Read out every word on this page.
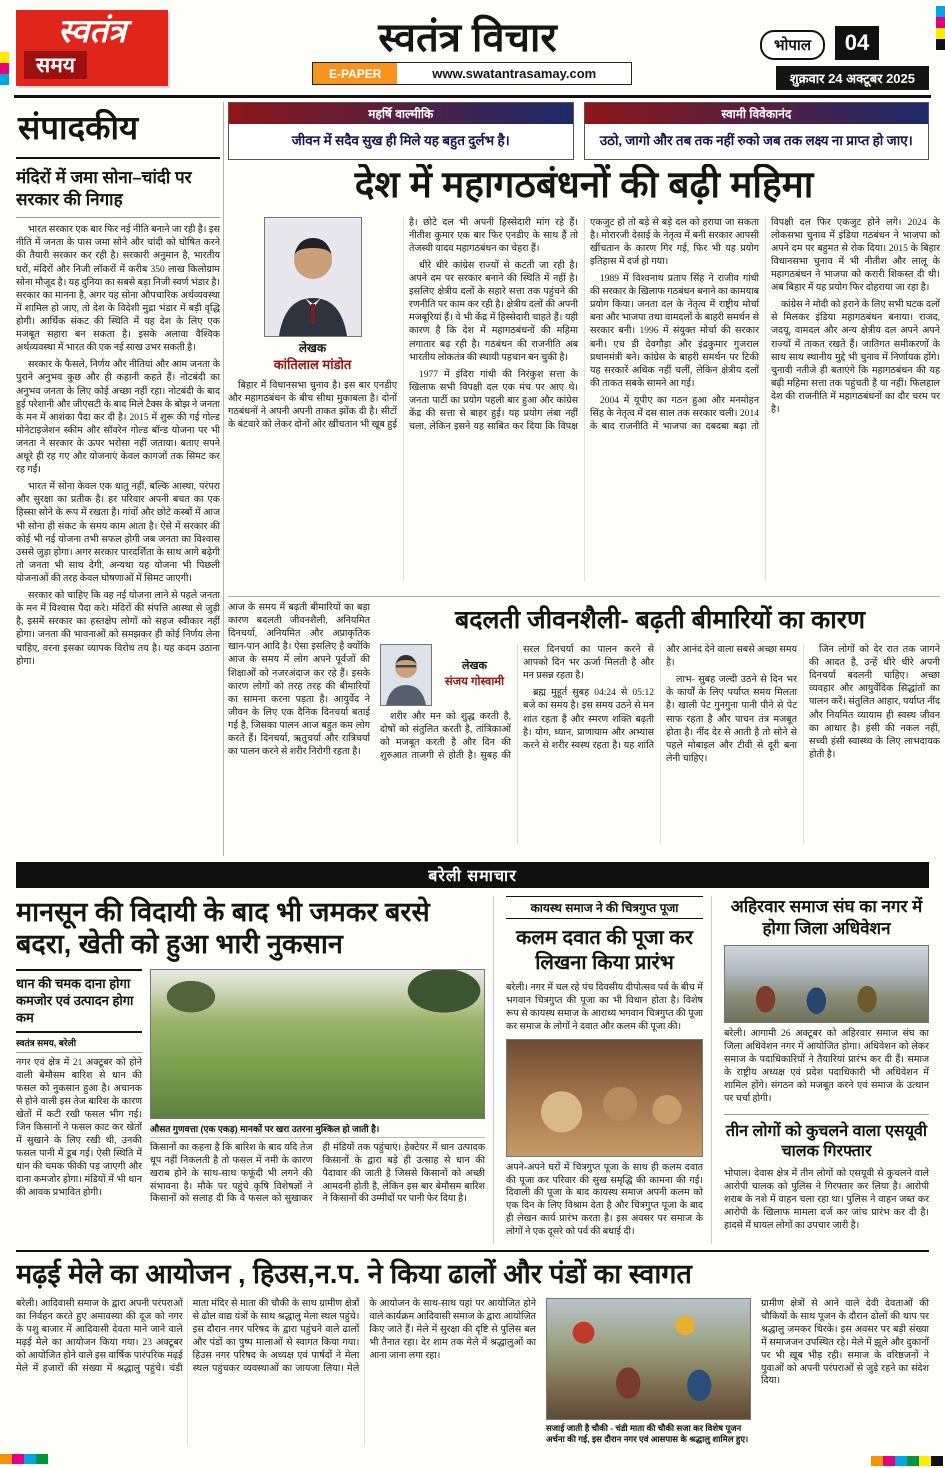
स्वतंत्र
समय
स्वतंत्र विचार
E-PAPER	www.swatantrasamay.com
भोपाल	04
शुक्रवार 24 अक्टूबर 2025
महर्षि वाल्मीकि
जीवन में सदैव सुख ही मिले यह बहुत दुर्लभ है।
स्वामी विवेकानंद
उठो, जागो और तब तक नहीं रुको जब तक लक्ष्य ना प्राप्त हो जाए।
संपादकीय
मंदिरों में जमा सोना–चांदी पर सरकार की निगाह

भारत सरकार एक बार फिर नई नीति बनाने जा रही है। इस नीति में जनता के पास जमा सोने और चांदी को घोषित करने की तैयारी सरकार कर रही है। सरकारी अनुमान है, भारतीय घरों, मंदिरों और निजी लॉकरों में करीब 350 लाख किलोग्राम सोना मौजूद है। यह दुनिया का सबसे बड़ा निजी स्वर्ण भंडार है। सरकार का मानना है, अगर यह सोना औपचारिक अर्थव्यवस्था में शामिल हो जाए, तो देश के विदेशी मुद्रा भंडार में बड़ी वृद्धि होगी। आर्थिक संकट की स्थिति में यह देश के लिए एक मजबूत सहारा बन सकता है। इसके अलावा वैश्विक अर्थव्यवस्था में भारत की एक नई साख उभर सकती है।

सरकार के फैसले, निर्णय और नीतियां और आम जनता के पुराने अनुभव कुछ और ही कहानी कहते हैं। नोटबंदी का अनुभव जनता के लिए कोई अच्छा नहीं रहा। नोटबंदी के बाद हुई परेशानी और जीएसटी के बाद मिले टैक्स के बोझ ने जनता के मन में आशंका पैदा कर दी है। 2015 में शुरू की गई गोल्ड मोनेटाइजेशन स्कीम और सॉवरेन गोल्ड बॉन्ड योजना पर भी जनता ने सरकार के ऊपर भरोसा नहीं जताया। बताए सपने अधूरे ही रह गए और योजनाएं केवल कागजों तक सिमट कर रह गईं।

भारत में सोना केवल एक धातु नहीं, बल्कि आस्था, परंपरा और सुरक्षा का प्रतीक है। हर परिवार अपनी बचत का एक हिस्सा सोने के रूप में रखता है। गांवों और छोटे कस्बों में आज भी सोना ही संकट के समय काम आता है। ऐसे में सरकार की कोई भी नई योजना तभी सफल होगी जब जनता का विश्वास उससे जुड़ा होगा। अगर सरकार पारदर्शिता के साथ आगे बढ़ेगी तो जनता भी साथ देगी, अन्यथा यह योजना भी पिछली योजनाओं की तरह केवल घोषणाओं में सिमट जाएगी।

सरकार को चाहिए कि वह नई योजना लाने से पहले जनता के मन में विश्वास पैदा करे। मंदिरों की संपत्ति आस्था से जुड़ी है, इसमें सरकार का हस्तक्षेप लोगों को सहज स्वीकार नहीं होगा। जनता की भावनाओं को समझकर ही कोई निर्णय लेना चाहिए, वरना इसका व्यापक विरोध तय है। यह कदम उठाना होगा।

देश में महागठबंधनों की बढ़ी महिमा
लेखक
कांतिलाल मांडोत

बिहार में विधानसभा चुनाव है। इस बार एनडीए और महागठबंधन के बीच सीधा मुकाबला है। दोनों गठबंधनों ने अपनी अपनी ताकत झोंक दी है। सीटों के बंटवारे को लेकर दोनों ओर खींचतान भी खूब हुई है। छोटे दल भी अपनी हिस्सेदारी मांग रहे हैं। नीतीश कुमार एक बार फिर एनडीए के साथ हैं तो तेजस्वी यादव महागठबंधन का चेहरा हैं।

धीरे धीरे कांग्रेस राज्यों से कटती जा रही है। अपने दम पर सरकार बनाने की स्थिति में नहीं है। इसलिए क्षेत्रीय दलों के सहारे सत्ता तक पहुंचने की रणनीति पर काम कर रही है। क्षेत्रीय दलों की अपनी मजबूरियां हैं। वे भी केंद्र में हिस्सेदारी चाहते हैं। यही कारण है कि देश में महागठबंधनों की महिमा लगातार बढ़ रही है। गठबंधन की राजनीति अब भारतीय लोकतंत्र की स्थायी पहचान बन चुकी है।

1977 में इंदिरा गांधी की निरंकुश सत्ता के खिलाफ सभी विपक्षी दल एक मंच पर आए थे। जनता पार्टी का प्रयोग पहली बार हुआ और कांग्रेस केंद्र की सत्ता से बाहर हुई। यह प्रयोग लंबा नहीं चला, लेकिन इसने यह साबित कर दिया कि विपक्ष एकजुट हो तो बड़े से बड़े दल को हराया जा सकता है। मोरारजी देसाई के नेतृत्व में बनी सरकार आपसी खींचतान के कारण गिर गई, फिर भी यह प्रयोग इतिहास में दर्ज हो गया।

1989 में विश्वनाथ प्रताप सिंह ने राजीव गांधी की सरकार के खिलाफ गठबंधन बनाने का कामयाब प्रयोग किया। जनता दल के नेतृत्व में राष्ट्रीय मोर्चा बना और भाजपा तथा वामदलों के बाहरी समर्थन से सरकार बनी। 1996 में संयुक्त मोर्चा की सरकार बनी। एच डी देवगौड़ा और इंद्रकुमार गुजराल प्रधानमंत्री बने। कांग्रेस के बाहरी समर्थन पर टिकी यह सरकारें अधिक नहीं चलीं, लेकिन क्षेत्रीय दलों की ताकत सबके सामने आ गई।

2004 में यूपीए का गठन हुआ और मनमोहन सिंह के नेतृत्व में दस साल तक सरकार चली। 2014 के बाद राजनीति में भाजपा का दबदबा बढ़ा तो विपक्षी दल फिर एकजुट होने लगे। 2024 के लोकसभा चुनाव में इंडिया गठबंधन ने भाजपा को अपने दम पर बहुमत से रोक दिया। 2015 के बिहार विधानसभा चुनाव में भी नीतीश और लालू के महागठबंधन ने भाजपा को करारी शिकस्त दी थी। अब बिहार में यह प्रयोग फिर दोहराया जा रहा है।

कांग्रेस ने मोदी को हराने के लिए सभी घटक दलों से मिलकर इंडिया महागठबंधन बनाया। राजद, जदयू, वामदल और अन्य क्षेत्रीय दल अपने अपने राज्यों में ताकत रखते हैं। जातिगत समीकरणों के साथ साथ स्थानीय मुद्दे भी चुनाव में निर्णायक होंगे। चुनावी नतीजे ही बताएंगे कि महागठबंधन की यह बढ़ी महिमा सत्ता तक पहुंचती है या नहीं। फिलहाल देश की राजनीति में महागठबंधनों का दौर चरम पर है।

आज के समय में बढ़ती बीमारियों का बड़ा कारण बदलती जीवनशैली, अनियमित दिनचर्या, अनियमित और अप्राकृतिक खान-पान आदि है। ऐसा इसलिए है क्योंकि आज के समय में लोग अपने पूर्वजों की शिक्षाओं को नजरअंदाज कर रहे हैं। इसके कारण लोगों को तरह तरह की बीमारियों का सामना करना पड़ता है। आयुर्वेद ने जीवन के लिए एक दैनिक दिनचर्या बताई गई है, जिसका पालन आज बहुत कम लोग करते हैं। दिनचर्या, ऋतुचर्या और रात्रिचर्या का पालन करने से शरीर निरोगी रहता है।
बदलती जीवनशैली- बढ़ती बीमारियों का कारण
लेखक
संजय गोस्वामी

शरीर और मन को शुद्ध करती है, दोषों को संतुलित करती है, तांत्रिकाओं को मजबूत करती है और दिन की शुरुआत ताजगी से होती है। सुबह की सरल दिनचर्या का पालन करने से आपको दिन भर ऊर्जा मिलती है और मन प्रसन्न रहता है।

ब्रह्म मुहूर्त सुबह 04:24 से 05:12 बजे का समय है। इस समय उठने से मन शांत रहता है और स्मरण शक्ति बढ़ती है। योग, ध्यान, प्राणायाम और अभ्यास करने से शरीर स्वस्थ रहता है। यह शांति और आनंद देने वाला सबसे अच्छा समय है।

लाभ- सुबह जल्दी उठने से दिन भर के कार्यों के लिए पर्याप्त समय मिलता है। खाली पेट गुनगुना पानी पीने से पेट साफ रहता है और पाचन तंत्र मजबूत होता है। नींद देर से आती है तो सोने से पहले मोबाइल और टीवी से दूरी बना लेनी चाहिए।

जिन लोगों को देर रात तक जागने की आदत है, उन्हें धीरे धीरे अपनी दिनचर्या बदलनी चाहिए। अच्छा व्यवहार और आयुर्वेदिक सिद्धांतों का पालन करें। संतुलित आहार, पर्याप्त नींद और नियमित व्यायाम ही स्वस्थ जीवन का आधार है। हंसी की नकल नहीं, सच्ची हंसी स्वास्थ्य के लिए लाभदायक होती है।

बरेली समाचार
मानसून की विदायी के बाद भी जमकर बरसे बदरा, खेती को हुआ भारी नुकसान
धान की चमक दाना होगा कमजोर एवं उत्पादन होगा कम
स्वतंत्र समय, बरेली
नगर एवं क्षेत्र में 21 अक्टूबर को होने वाली बेमौसम बारिश से धान की फसल को नुकसान हुआ है। अचानक से होने वाली इस तेज बारिश के कारण खेतों में कटी रखी फसल भीग गई। जिन किसानों ने फसल काट कर खेतों में सुखाने के लिए रखी थी, उनकी फसल पानी में डूब गई। ऐसी स्थिति में धान की चमक फीकी पड़ जाएगी और दाना कमजोर होगा। मंडियों में भी धान की आवक प्रभावित होगी।
औसत गुणवत्ता (एक एकड़) मानकों पर खरा उतरना मुश्किल हो जाती है।
किसानों का कहना है कि बारिश के बाद यदि तेज धूप नहीं निकलती है तो फसल में नमी के कारण खराब होने के साथ-साथ फफूंदी भी लगने की संभावना है। मौके पर पहुंचे कृषि विशेषज्ञों ने किसानों को सलाह दी कि वे फसल को सुखाकर ही मंडियों तक पहुंचाएं। हेक्टेयर में धान उत्पादक किसानों के द्वारा बड़े ही उत्साह से धान की पैदावार की जाती है जिससे किसानों को अच्छी आमदनी होती है, लेकिन इस बार बेमौसम बारिश ने किसानों की उम्मीदों पर पानी फेर दिया है।
कायस्थ समाज ने की चित्रगुप्त पूजा
कलम दवात की पूजा कर लिखना किया प्रारंभ
बरेली। नगर में चल रहे पंच दिवसीय दीपोत्सव पर्व के बीच में भगवान चित्रगुप्त की पूजा का भी विधान होता है। विशेष रूप से कायस्थ समाज के आराध्य भगवान चित्रगुप्त की पूजा कर समाज के लोगों ने दवात और कलम की पूजा की।
अपने-अपने घरों में चित्रगुप्त पूजा के साथ ही कलम दवात की पूजा कर परिवार की सुख समृद्धि की कामना की गई। दिवाली की पूजा के बाद कायस्थ समाज अपनी कलम को एक दिन के लिए विश्राम देता है और चित्रगुप्त पूजा के बाद ही लेखन कार्य प्रारंभ करता है। इस अवसर पर समाज के लोगों ने एक दूसरे को पर्व की बधाई दी।
अहिरवार समाज संघ का नगर में होगा जिला अधिवेशन
बरेली। आगामी 26 अक्टूबर को अहिरवार समाज संघ का जिला अधिवेशन नगर में आयोजित होगा। अधिवेशन को लेकर समाज के पदाधिकारियों ने तैयारियां प्रारंभ कर दी हैं। समाज के राष्ट्रीय अध्यक्ष एवं प्रदेश पदाधिकारी भी अधिवेशन में शामिल होंगे। संगठन को मजबूत करने एवं समाज के उत्थान पर चर्चा होगी।
तीन लोगों को कुचलने वाला एसयूवी चालक गिरफ्तार
भोपाल। देवास क्षेत्र में तीन लोगों को एसयूवी से कुचलने वाले आरोपी चालक को पुलिस ने गिरफ्तार कर लिया है। आरोपी शराब के नशे में वाहन चला रहा था। पुलिस ने वाहन जब्त कर आरोपी के खिलाफ मामला दर्ज कर जांच प्रारंभ कर दी है। हादसे में घायल लोगों का उपचार जारी है।
मढ़ई मेले का आयोजन , हिउस,न.प. ने किया ढालों और पंडों का स्वागत
बरेली। आदिवासी समाज के द्वारा अपनी परंपराओं का निर्वहन करते हुए अमावस्या की दूज को नगर के पशु बाजार में आदिवासी देवता माने जाने वाले मढ़ई मेले का आयोजन किया गया। 23 अक्टूबर को आयोजित होने वाले इस वार्षिक पारंपरिक मढ़ई मेले में हजारों की संख्या में श्रद्धालु पहुंचे। चंडी माता मंदिर से माता की चौकी के साथ ग्रामीण क्षेत्रों से ढोल वाद्य यंत्रों के साथ श्रद्धालु मेला स्थल पहुंचे। इस दौरान नगर परिषद के द्वारा पहुंचने वाले ढालों और पंडों का पुष्प मालाओं से स्वागत किया गया। हिउस नगर परिषद के अध्यक्ष एवं पार्षदों ने मेला स्थल पहुंचकर व्यवस्थाओं का जायजा लिया। मेले के आयोजन के साथ-साथ यहां पर आयोजित होने वाले कार्यक्रम आदिवासी समाज के द्वारा आयोजित किए जाते हैं। मेले में सुरक्षा की दृष्टि से पुलिस बल भी तैनात रहा। देर शाम तक मेले में श्रद्धालुओं का आना जाना लगा रहा।
सजाई जाती है चौकी - चंडी माता की चौकी सजा कर विशेष पूजन अर्चना की गई, इस दौरान नगर एवं आसपास के श्रद्धालु शामिल हुए।
ग्रामीण क्षेत्रों से आने वाले देवी देवताओं की चौकियों के साथ पूजन के दौरान ढोलों की थाप पर श्रद्धालु जमकर थिरके। इस अवसर पर बड़ी संख्या में समाजजन उपस्थित रहे। मेले में झूले और दुकानों पर भी खूब भीड़ रही। समाज के वरिष्ठजनों ने युवाओं को अपनी परंपराओं से जुड़े रहने का संदेश दिया।
